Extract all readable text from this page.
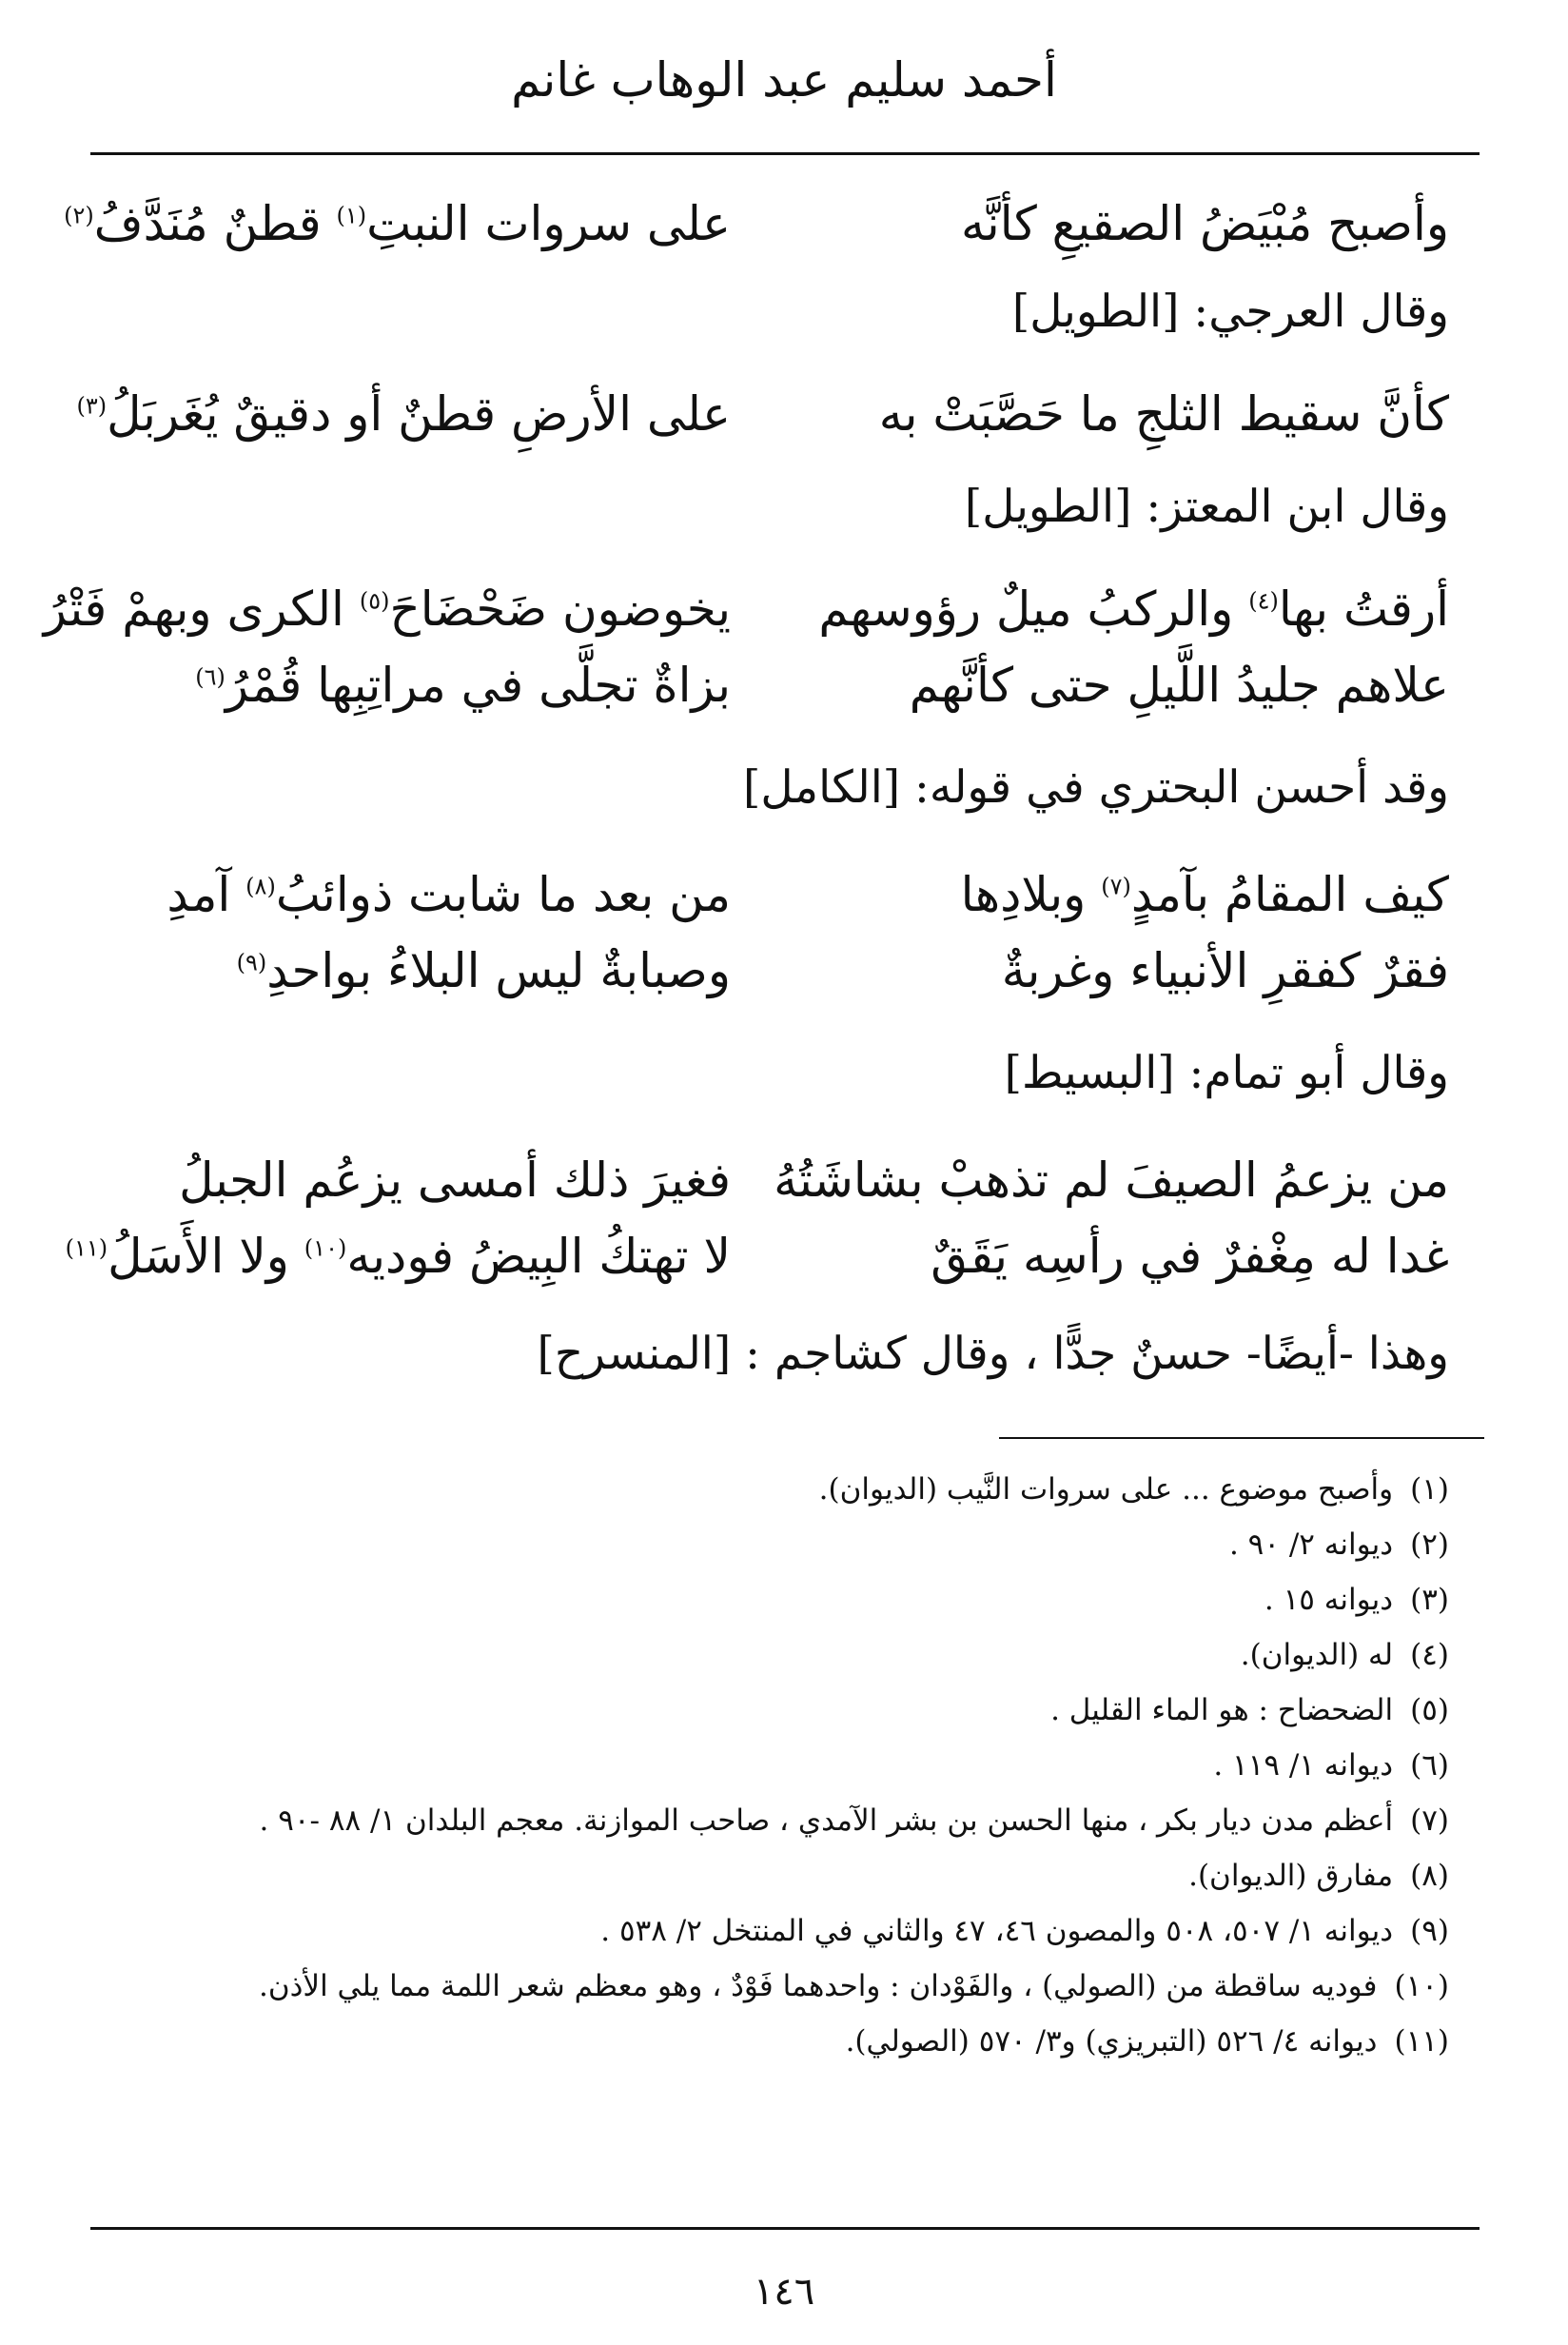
أحمد سليم عبد الوهاب غانم
وأصبح مُبْيَضُ الصقيعِ كأنَّه
على سروات النبتِ$^{(١)}$ قطنٌ مُنَدَّفُ$^{(٢)}$
وقال العرجي: [الطويل]
كأنَّ سقيط الثلجِ ما حَصَّبَتْ به
على الأرضِ قطنٌ أو دقيقٌ يُغَربَلُ$^{(٣)}$
وقال ابن المعتز: [الطويل]
أرقتُ بها$^{(٤)}$ والركبُ ميلٌ رؤوسهم
يخوضون ضَحْضَاحَ$^{(٥)}$ الكرى وبهمْ فَتْرُ
علاهم جليدُ اللَّيلِ حتى كأنَّهم
بزاةٌ تجلَّى في مراتِبِها قُمْرُ$^{(٦)}$
وقد أحسن البحتري في قوله: [الكامل]
كيف المقامُ بآمدٍ$^{(٧)}$ وبلادِها
من بعد ما شابت ذوائبُ$^{(٨)}$ آمدِ
فقرٌ كفقرِ الأنبياء وغربةٌ
وصبابةٌ ليس البلاءُ بواحدِ$^{(٩)}$
وقال أبو تمام: [البسيط]
من يزعمُ الصيفَ لم تذهبْ بشاشَتُهُ
فغيرَ ذلك أمسى يزعُم الجبلُ
غدا له مِغْفرٌ في رأسِه يَقَقٌ
لا تهتكُ البِيضُ فوديه$^{(١٠)}$ ولا الأَسَلُ$^{(١١)}$
وهذا -أيضًا- حسنٌ جدًّا ، وقال كشاجم : [المنسرح]
(١)وأصبح موضوع ... على سروات النَّيب (الديوان).
(٢)ديوانه ٢/ ٩٠ .
(٣)ديوانه ١٥ .
(٤)له (الديوان).
(٥)الضحضاح : هو الماء القليل .
(٦)ديوانه ١/ ١١٩ .
(٧)أعظم مدن ديار بكر ، منها الحسن بن بشر الآمدي ، صاحب الموازنة. معجم البلدان ١/ ٨٨ -٩٠ .
(٨)مفارق (الديوان).
(٩)ديوانه ١/ ٥٠٧، ٥٠٨ والمصون ٤٦، ٤٧ والثاني في المنتخل ٢/ ٥٣٨ .
(١٠)فوديه ساقطة من (الصولي) ، والفَوْدان : واحدهما فَوْدٌ ، وهو معظم شعر اللمة مما يلي الأذن.
(١١)ديوانه ٤/ ٥٢٦ (التبريزي) و٣/ ٥٧٠ (الصولي).
١٤٦
